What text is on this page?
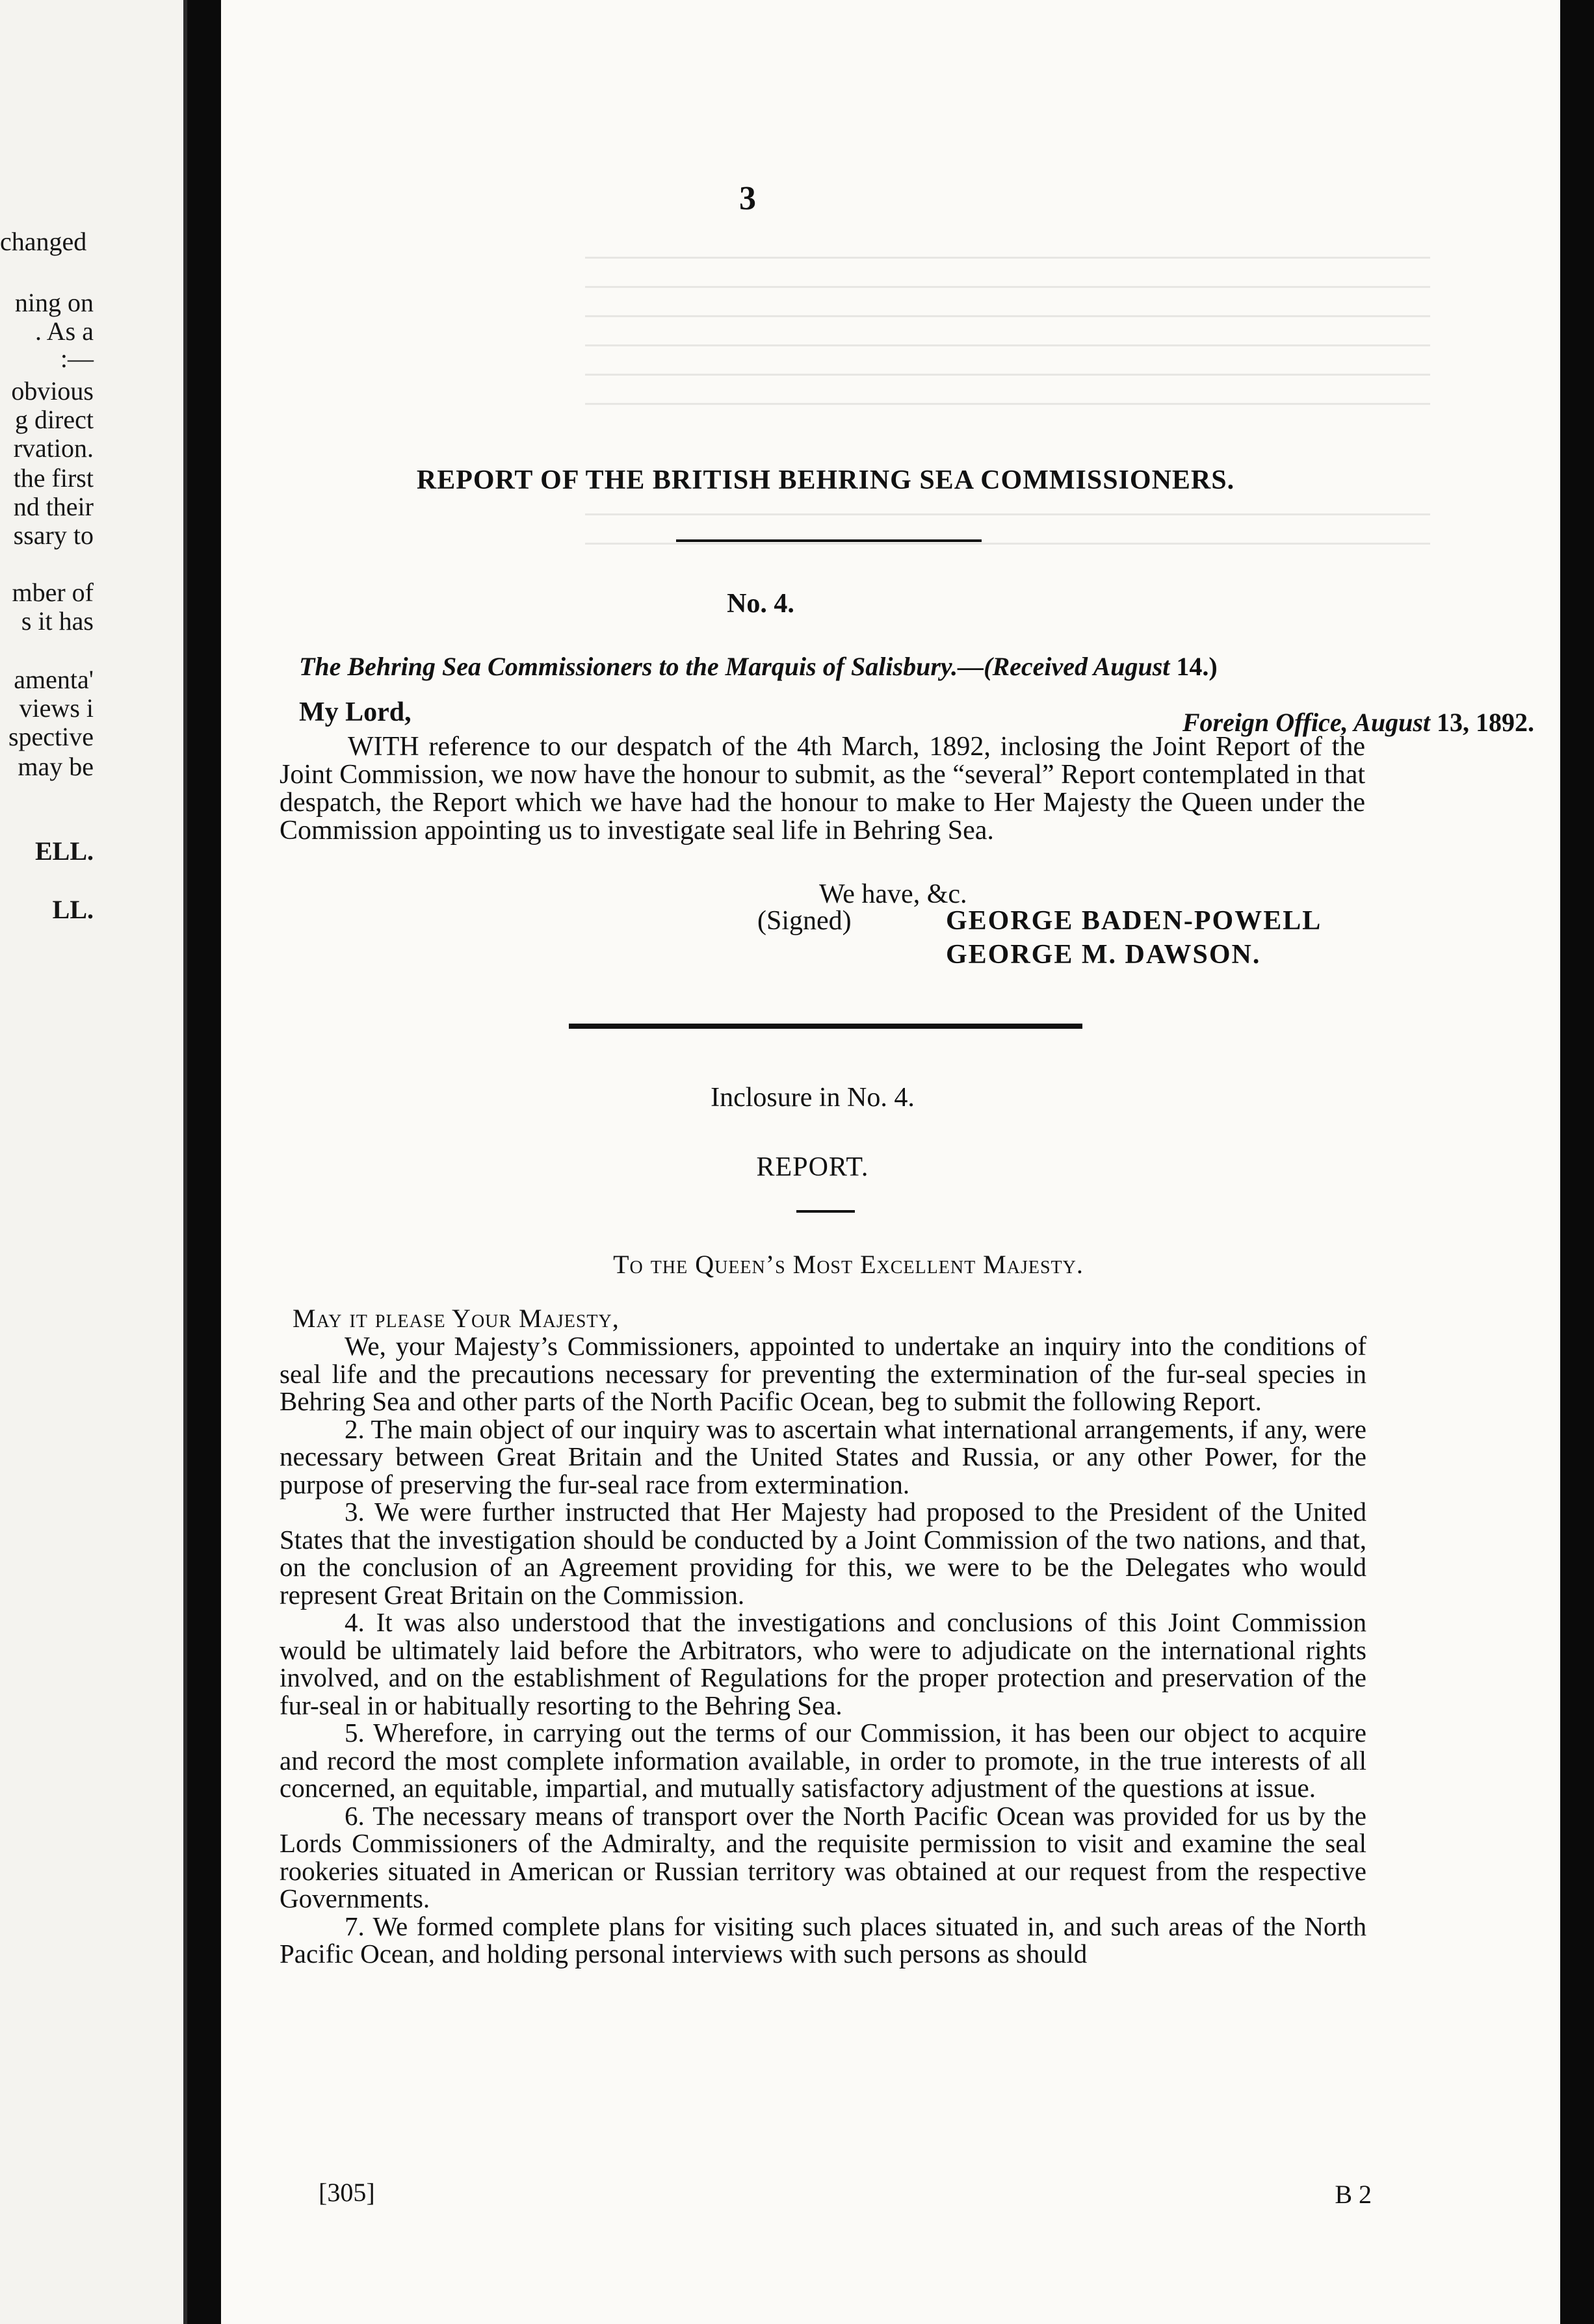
changed
ning on
. As a
:—
obvious
g direct
rvation.
the first
nd their
ssary to
mber of
s it has
amenta'
views i
spective
may be
ELL.
LL.
3
REPORT OF THE BRITISH BEHRING SEA COMMISSIONERS.
No. 4.
The Behring Sea Commissioners to the Marquis of Salisbury.—(Received August 14.)
My Lord,	Foreign Office, August 13, 1892.

WITH reference to our despatch of the 4th March, 1892, inclosing the Joint Report of the Joint Commission, we now have the honour to submit, as the “several” Report contemplated in that despatch, the Report which we have had the honour to make to Her Majesty the Queen under the Commission appointing us to investigate seal life in Behring Sea.

We have, &c.
(Signed)	GEORGE BADEN-POWELL
GEORGE M. DAWSON.
Inclosure in No. 4.
REPORT.
To the Queen’s Most Excellent Majesty.
May it please Your Majesty,

We, your Majesty’s Commissioners, appointed to undertake an inquiry into the conditions of seal life and the precautions necessary for preventing the extermination of the fur-seal species in Behring Sea and other parts of the North Pacific Ocean, beg to submit the following Report.

2. The main object of our inquiry was to ascertain what international arrangements, if any, were necessary between Great Britain and the United States and Russia, or any other Power, for the purpose of preserving the fur-seal race from extermination.

3. We were further instructed that Her Majesty had proposed to the President of the United States that the investigation should be conducted by a Joint Commission of the two nations, and that, on the conclusion of an Agreement providing for this, we were to be the Delegates who would represent Great Britain on the Commission.

4. It was also understood that the investigations and conclusions of this Joint Commission would be ultimately laid before the Arbitrators, who were to adjudicate on the international rights involved, and on the establishment of Regulations for the proper protection and preservation of the fur-seal in or habitually resorting to the Behring Sea.

5. Wherefore, in carrying out the terms of our Commission, it has been our object to acquire and record the most complete information available, in order to promote, in the true interests of all concerned, an equitable, impartial, and mutually satisfactory adjustment of the questions at issue.

6. The necessary means of transport over the North Pacific Ocean was provided for us by the Lords Commissioners of the Admiralty, and the requisite permission to visit and examine the seal rookeries situated in American or Russian territory was obtained at our request from the respective Governments.

7. We formed complete plans for visiting such places situated in, and such areas of the North Pacific Ocean, and holding personal interviews with such persons as should

[305]	B 2
